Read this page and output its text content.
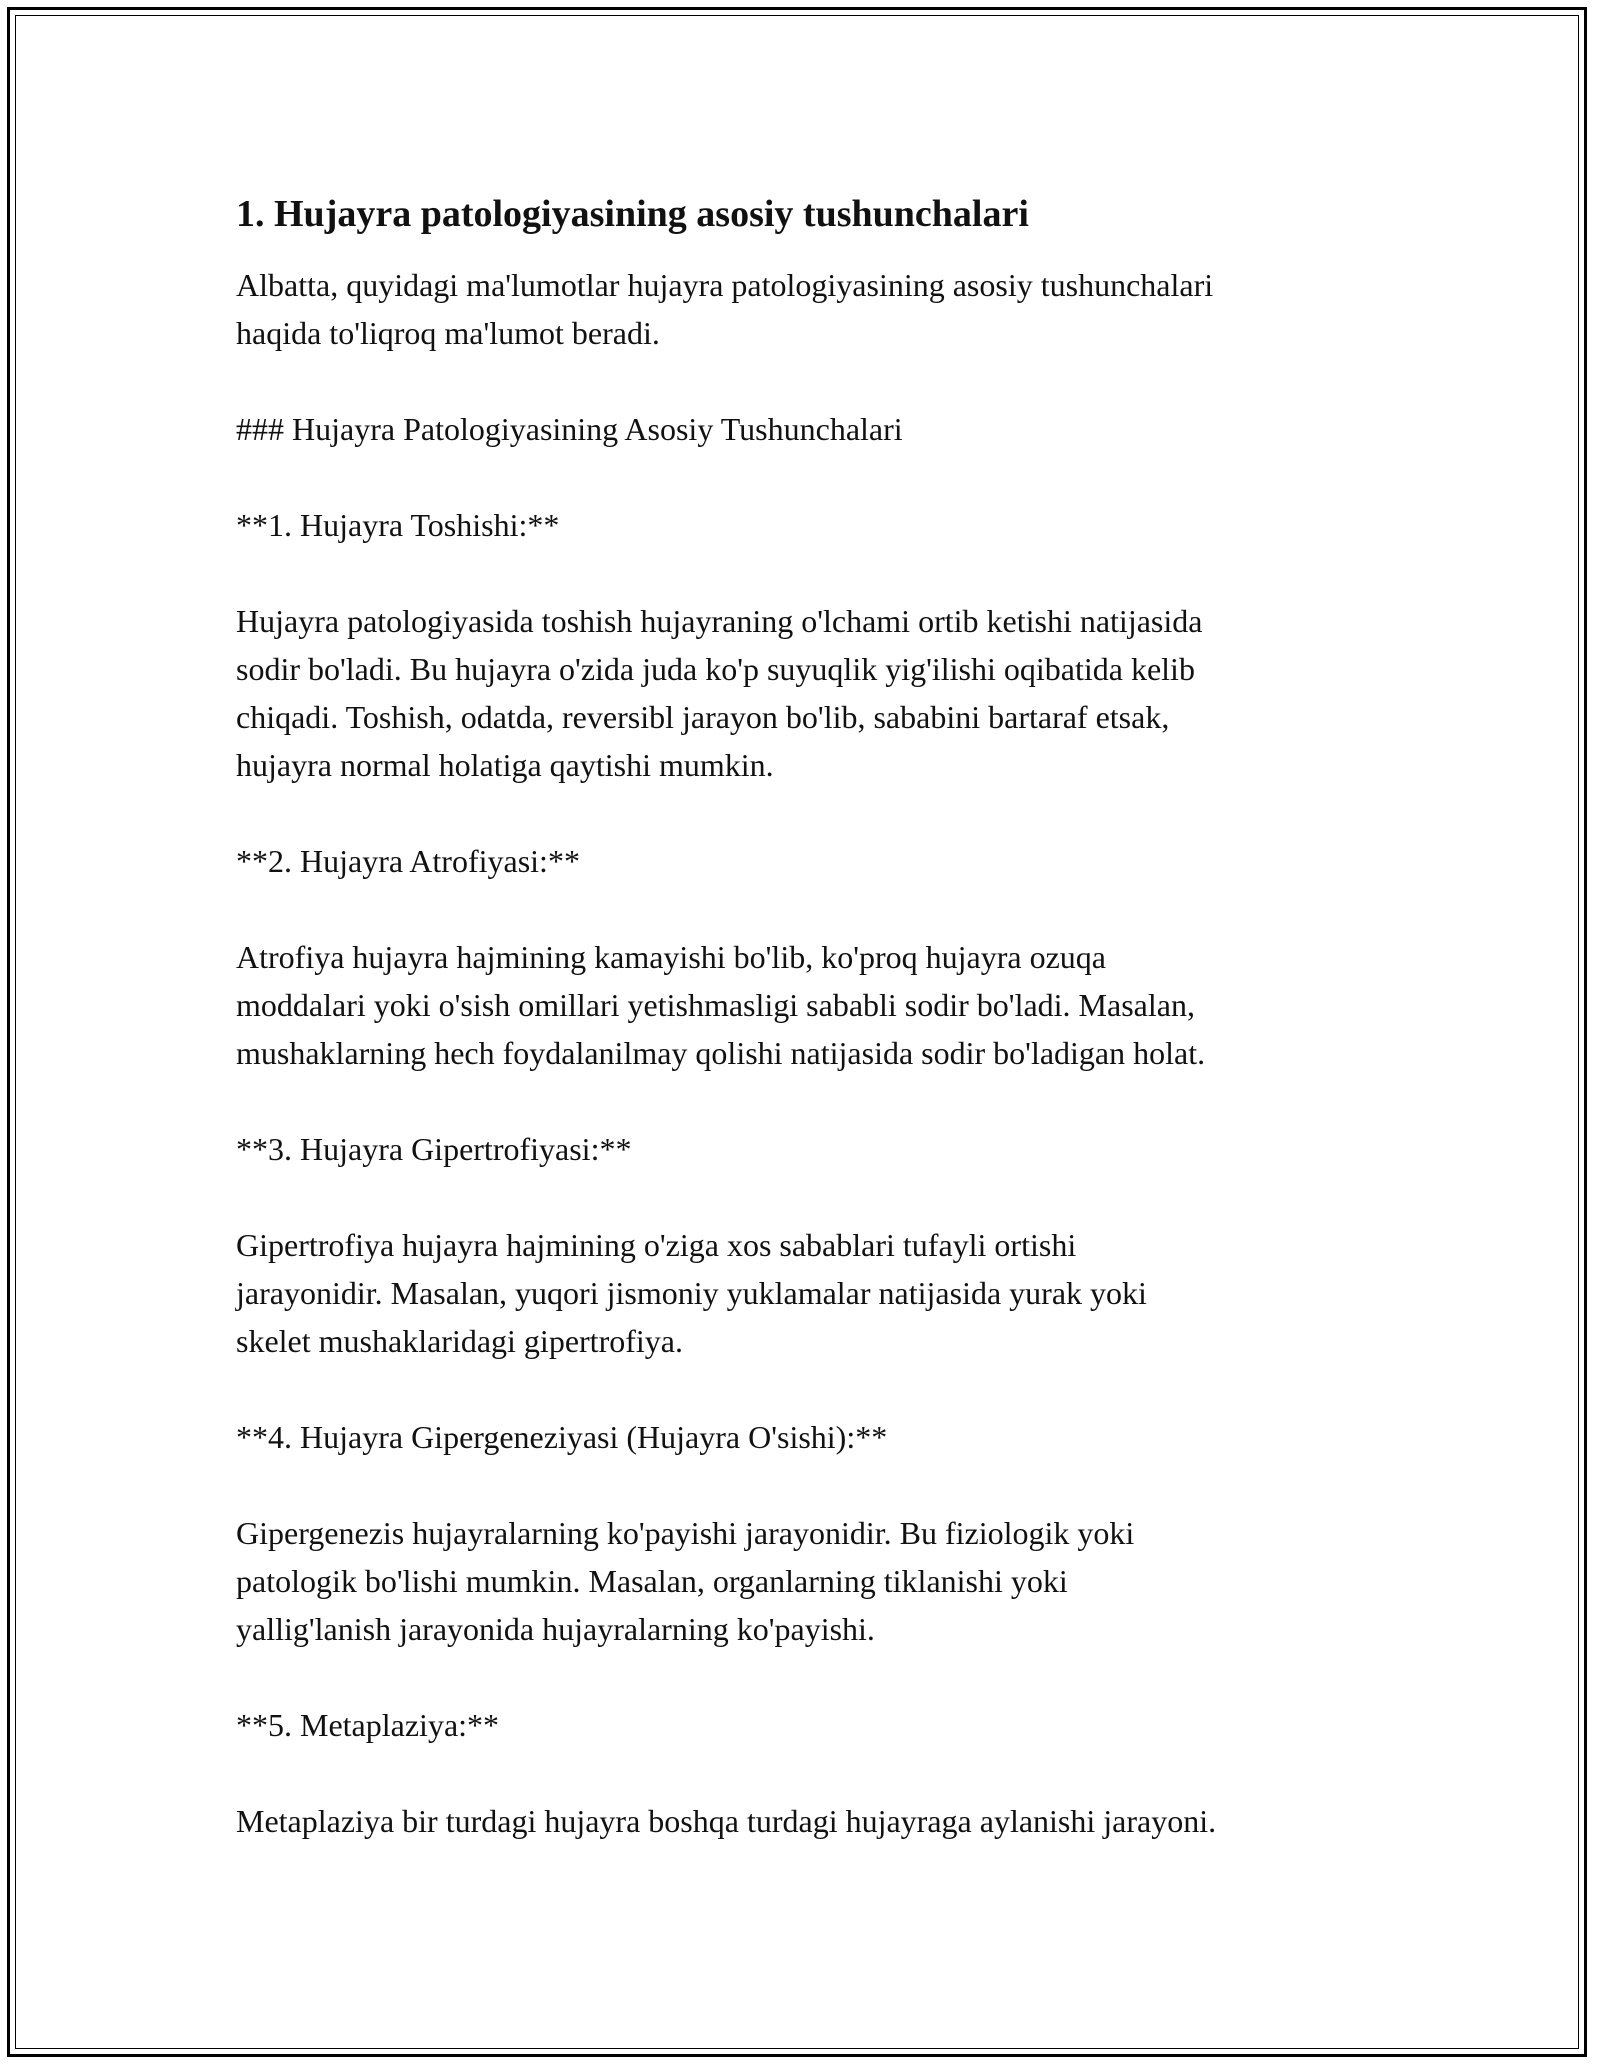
1. Hujayra patologiyasining asosiy tushunchalari

Albatta, quyidagi ma'lumotlar hujayra patologiyasining asosiy tushunchalari
haqida to'liqroq ma'lumot beradi.

### Hujayra Patologiyasining Asosiy Tushunchalari

**1. Hujayra Toshishi:**

Hujayra patologiyasida toshish hujayraning o'lchami ortib ketishi natijasida
sodir bo'ladi. Bu hujayra o'zida juda ko'p suyuqlik yig'ilishi oqibatida kelib
chiqadi. Toshish, odatda, reversibl jarayon bo'lib, sababini bartaraf etsak,
hujayra normal holatiga qaytishi mumkin.

**2. Hujayra Atrofiyasi:**

Atrofiya hujayra hajmining kamayishi bo'lib, ko'proq hujayra ozuqa
moddalari yoki o'sish omillari yetishmasligi sababli sodir bo'ladi. Masalan,
mushaklarning hech foydalanilmay qolishi natijasida sodir bo'ladigan holat.

**3. Hujayra Gipertrofiyasi:**

Gipertrofiya hujayra hajmining o'ziga xos sabablari tufayli ortishi
jarayonidir. Masalan, yuqori jismoniy yuklamalar natijasida yurak yoki
skelet mushaklaridagi gipertrofiya.

**4. Hujayra Gipergeneziyasi (Hujayra O'sishi):**

Gipergenezis hujayralarning ko'payishi jarayonidir. Bu fiziologik yoki
patologik bo'lishi mumkin. Masalan, organlarning tiklanishi yoki
yallig'lanish jarayonida hujayralarning ko'payishi.

**5. Metaplaziya:**

Metaplaziya bir turdagi hujayra boshqa turdagi hujayraga aylanishi jarayoni.
